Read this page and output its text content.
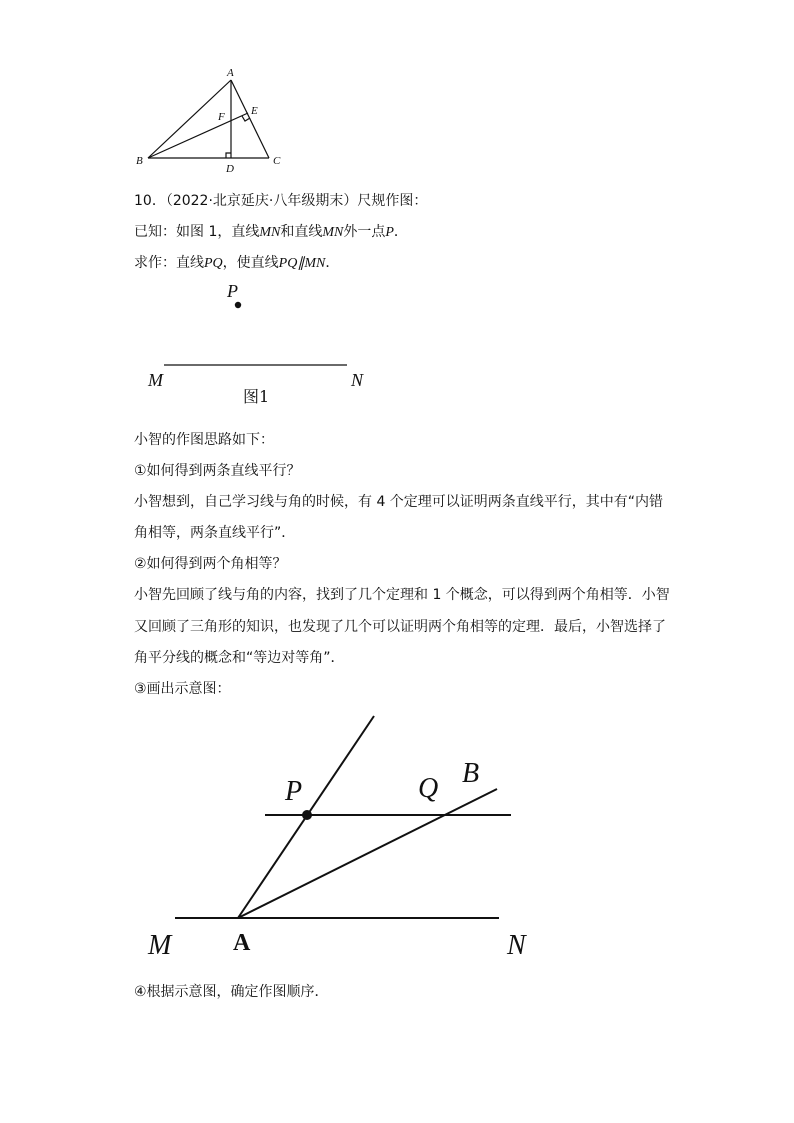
A
B	C
D
E
F
P
M	N
图1
P	Q B
M	A	N
10．（2022·北京延庆·八年级期末）尺规作图：
已知：如图 1，直线MN和直线MN外一点P．
求作：直线PQ，使直线PQ∥MN．
小智的作图思路如下：
①如何得到两条直线平行？
小智想到，自己学习线与角的时候，有 4 个定理可以证明两条直线平行，其中有“内错
角相等，两条直线平行”．
②如何得到两个角相等？
小智先回顾了线与角的内容，找到了几个定理和 1 个概念，可以得到两个角相等．小智
又回顾了三角形的知识，也发现了几个可以证明两个角相等的定理．最后，小智选择了
角平分线的概念和“等边对等角”．
③画出示意图：
④根据示意图，确定作图顺序．
